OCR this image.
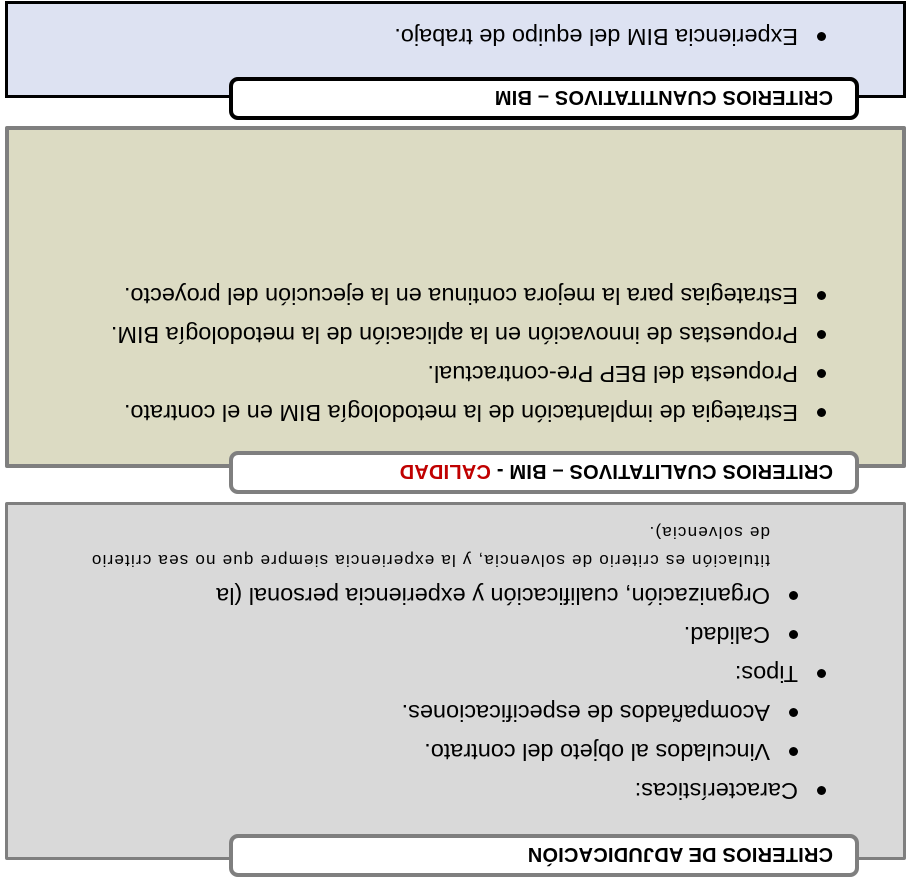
CRITERIOS DE ADJUDICACIÓN
Características:
Vinculados al objeto del contrato.
Acompañados de especificaciones.
Tipos:
Calidad.
Organización, cualificación y experiencia personal (la
titulación es criterio de solvencia, y la experiencia siempre que no sea criterio de solvencia).
CRITERIOS CUALITATIVOS – BIM - CALIDAD
Estrategia de implantación de la metodología BIM en el contrato.
Propuesta del BEP Pre-contractual.
Propuestas de innovación en la aplicación de la metodología BIM.
Estrategias para la mejora continua en la ejecución del proyecto.
CRITERIOS CUANTITATIVOS – BIM
Experiencia BIM del equipo de trabajo.
